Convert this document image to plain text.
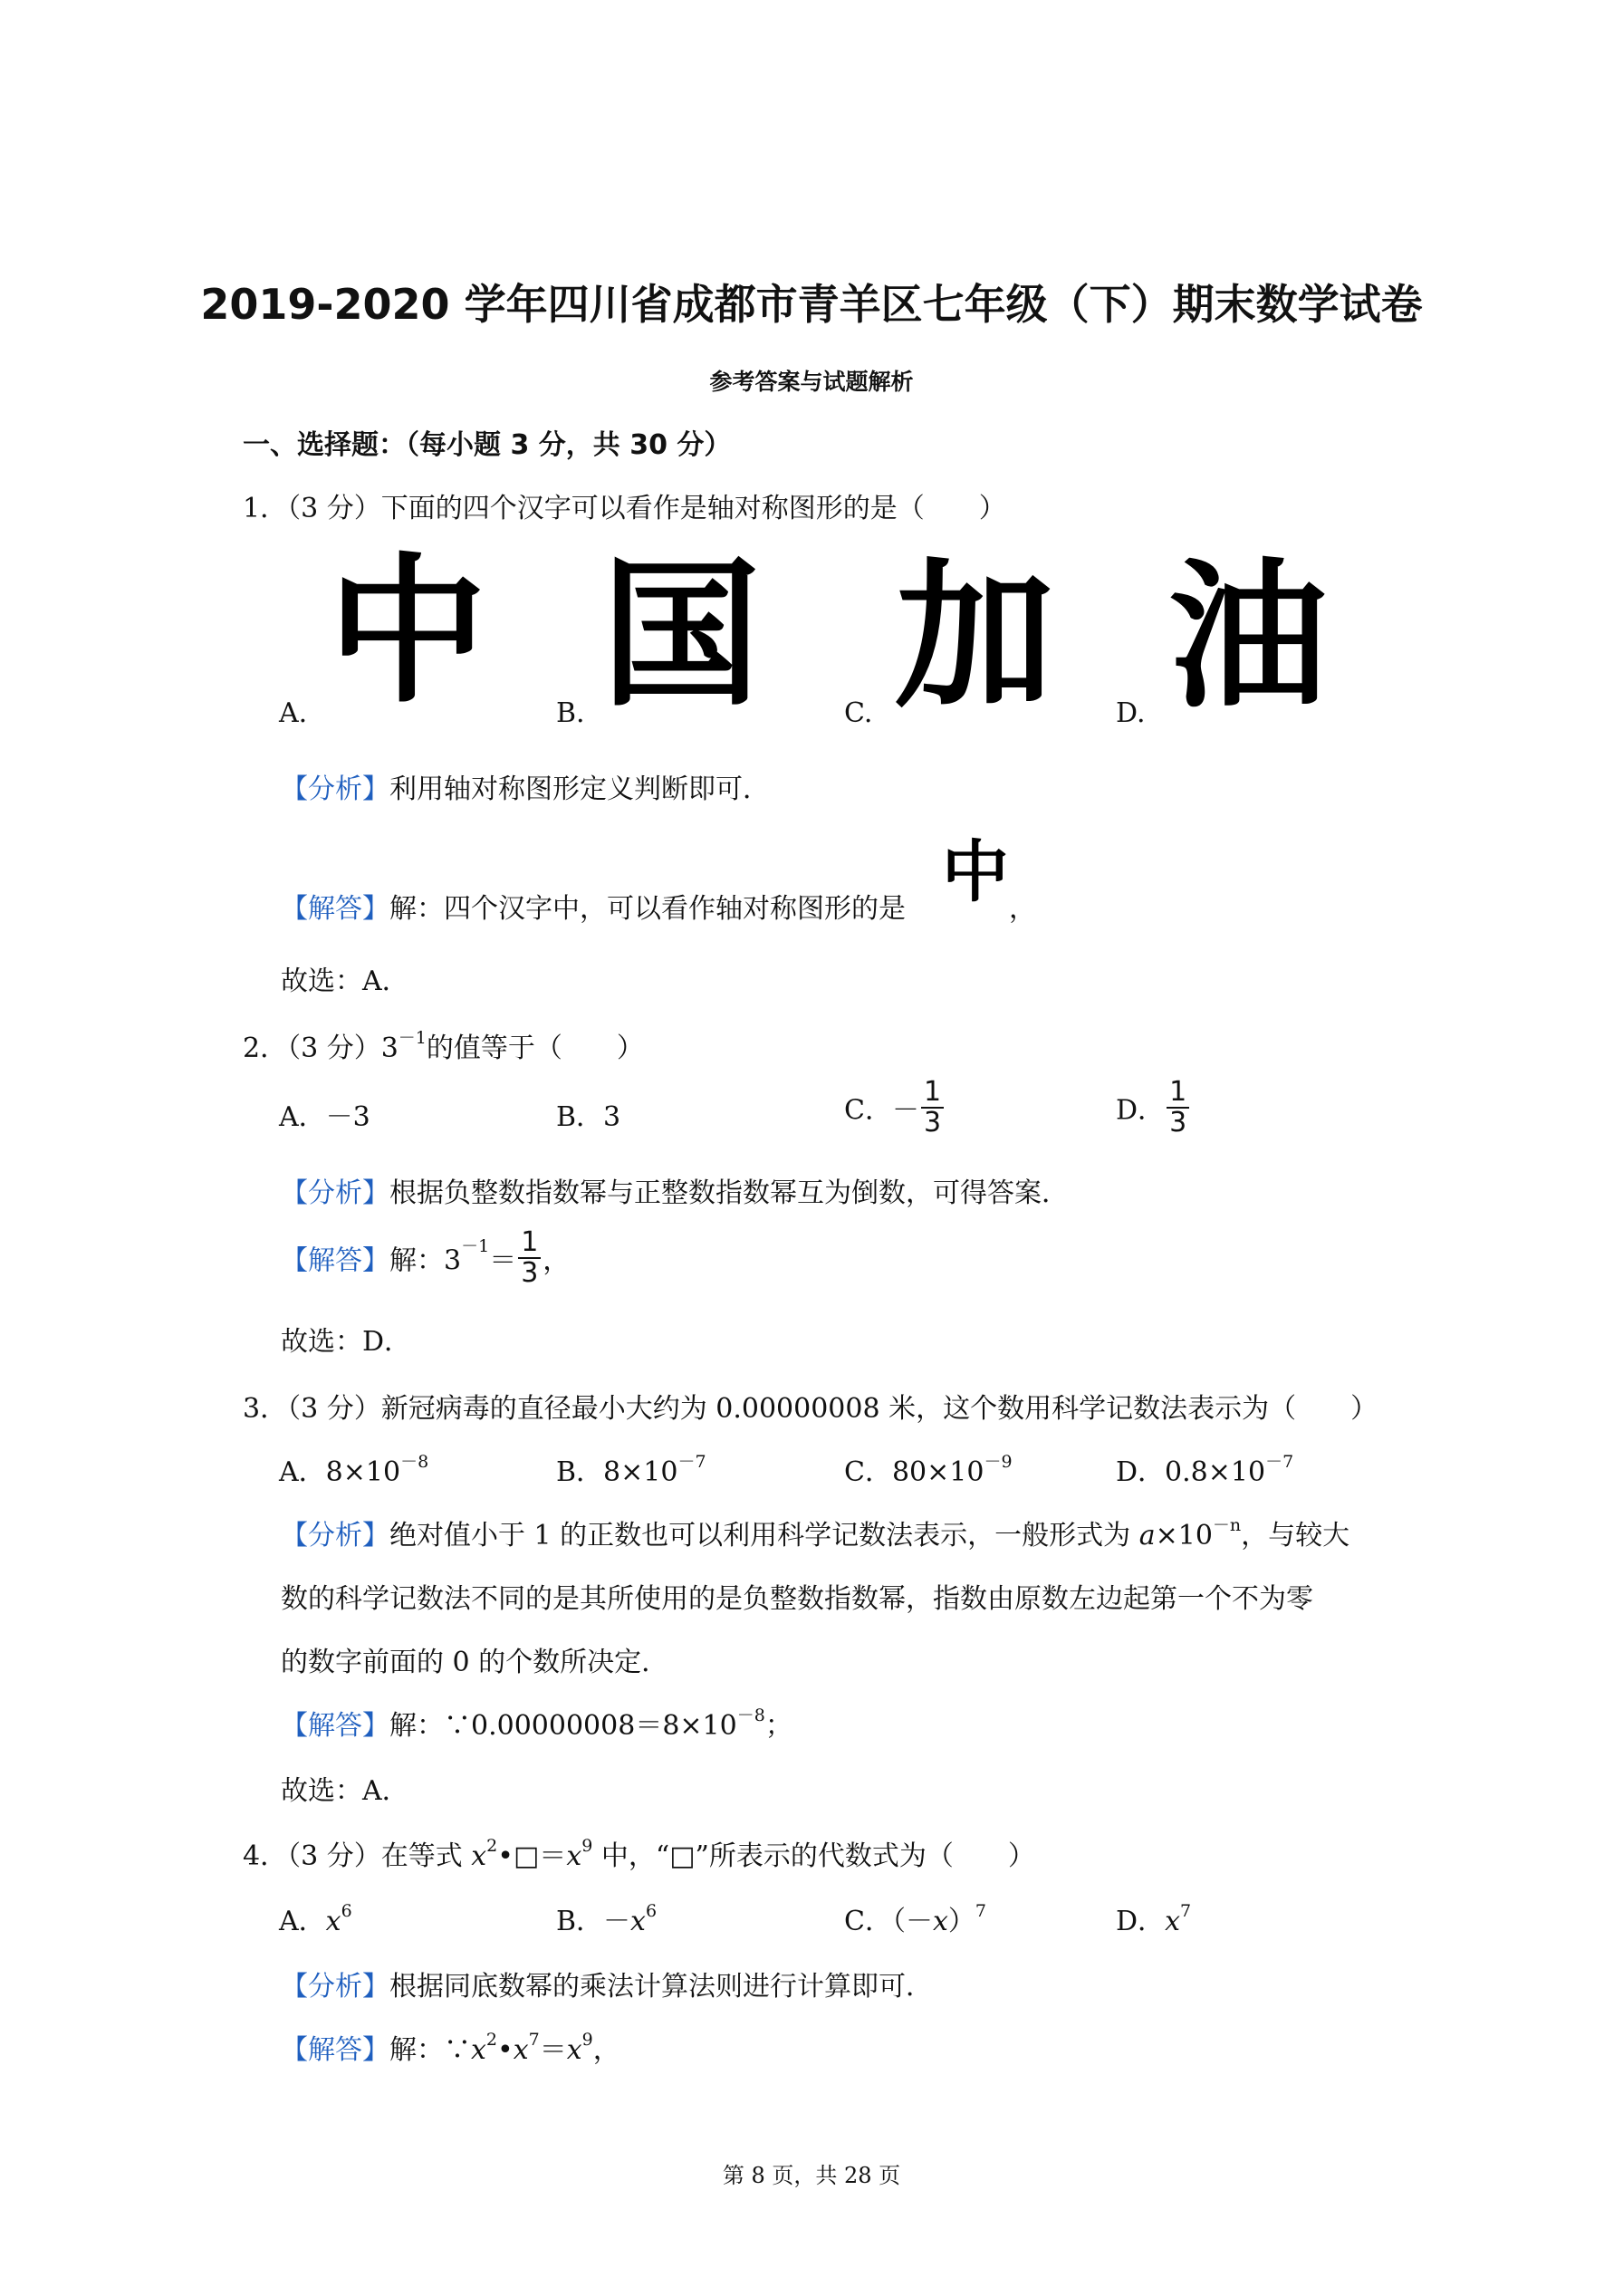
2019-2020 学年四川省成都市青羊区七年级（下）期末数学试卷
参考答案与试题解析
一、选择题：（每小题 3 分，共 30 分）
1．（3 分）下面的四个汉字可以看作是轴对称图形的是（　　）
A. 中	B. 国	C. 加 D. 油
【分析】利用轴对称图形定义判断即可．
【解答】解：四个汉字中，可以看作轴对称图形的是 中 ，
故选：A．
2．（3 分）$3^{-1}$的值等于（　　）
A．－3	B．3	C．－ $\frac{1}{3}$	D． $\frac{1}{3}$
【分析】根据负整数指数幂与正整数指数幂互为倒数，可得答案．
【解答】解：$3^{-1}= \frac{1}{3}$ ，
故选：D．
3．（3 分）新冠病毒的直径最小大约为 0.00000008 米，这个数用科学记数法表示为（　　）
A．$8\times 10^{-8}$	B．$8\times 10^{-7}$	C．$80\times 10^{-9}$	D．$0.8\times 10^{-7}$
【分析】绝对值小于 1 的正数也可以利用科学记数法表示，一般形式为 $a\times 10^{-n}$，与较大
数的科学记数法不同的是其所使用的是负整数指数幂，指数由原数左边起第一个不为零
的数字前面的 0 的个数所决定．
【解答】解：$\because 0.00000008=8\times 10^{-8}$；
故选：A．
4．（3 分）在等式 $x^2•□=x^9$ 中，“□”所表示的代数式为（　　）
A．$x^6$	B．$-x^6$	C．$(-x)^7$	D．$x^7$
【分析】根据同底数幂的乘法计算法则进行计算即可．
【解答】解：$\because x^2•x^7=x^9$，
第 8 页，共 28 页
